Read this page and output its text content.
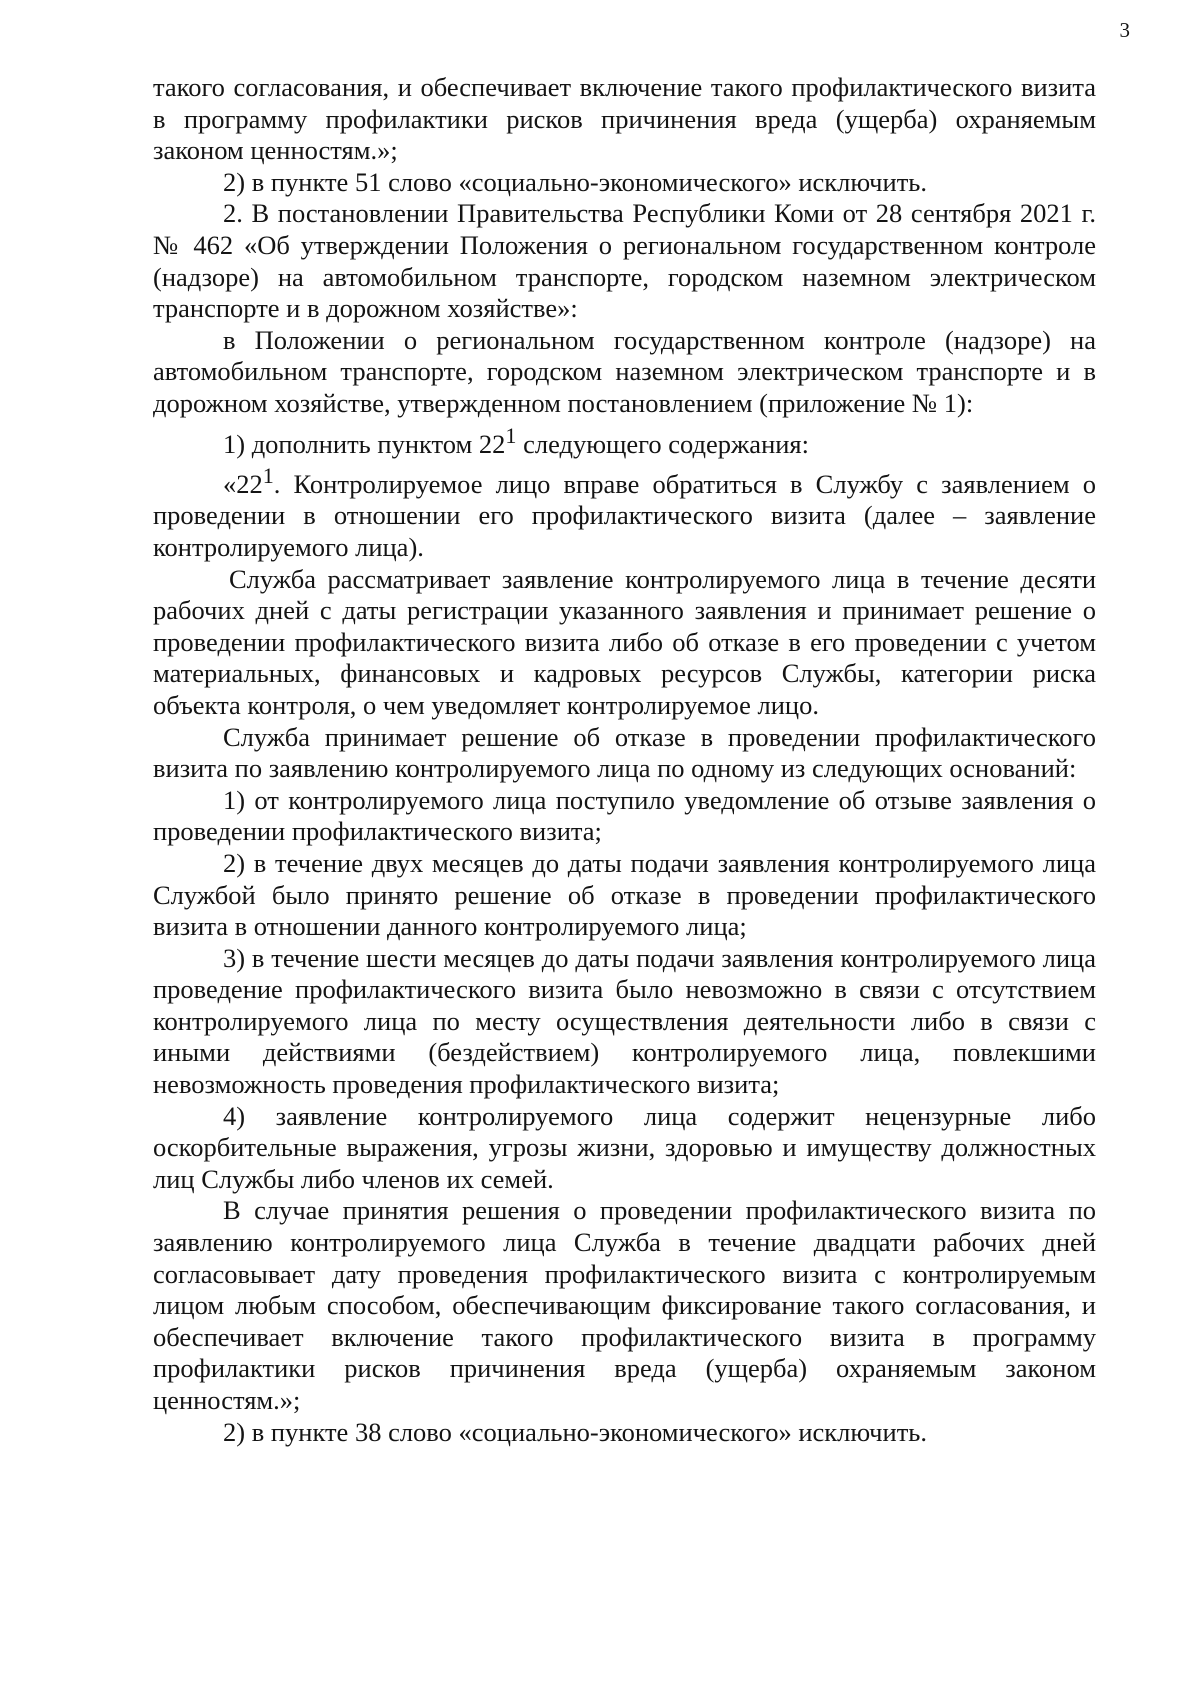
3

такого согласования, и обеспечивает включение такого профилактического визита в программу профилактики рисков причинения вреда (ущерба) охраняемым законом ценностям.»;

2) в пункте 51 слово «социально-экономического» исключить.

2. В постановлении Правительства Республики Коми от 28 сентября 2021 г. № 462 «Об утверждении Положения о региональном государственном контроле (надзоре) на автомобильном транспорте, городском наземном электрическом транспорте и в дорожном хозяйстве»:

в Положении о региональном государственном контроле (надзоре) на автомобильном транспорте, городском наземном электрическом транспорте и в дорожном хозяйстве, утвержденном постановлением (приложение № 1):

1) дополнить пунктом $22^1$ следующего содержания:

«$22^1$. Контролируемое лицо вправе обратиться в Службу с заявлением о проведении в отношении его профилактического визита (далее – заявление контролируемого лица).

Служба рассматривает заявление контролируемого лица в течение десяти рабочих дней с даты регистрации указанного заявления и принимает решение о проведении профилактического визита либо об отказе в его проведении с учетом материальных, финансовых и кадровых ресурсов Службы, категории риска объекта контроля, о чем уведомляет контролируемое лицо.

Служба принимает решение об отказе в проведении профилактического визита по заявлению контролируемого лица по одному из следующих оснований:

1) от контролируемого лица поступило уведомление об отзыве заявления о проведении профилактического визита;

2) в течение двух месяцев до даты подачи заявления контролируемого лица Службой было принято решение об отказе в проведении профилактического визита в отношении данного контролируемого лица;

3) в течение шести месяцев до даты подачи заявления контролируемого лица проведение профилактического визита было невозможно в связи с отсутствием контролируемого лица по месту осуществления деятельности либо в связи с иными действиями (бездействием) контролируемого лица, повлекшими невозможность проведения профилактического визита;

4) заявление контролируемого лица содержит нецензурные либо оскорбительные выражения, угрозы жизни, здоровью и имуществу должностных лиц Службы либо членов их семей.

В случае принятия решения о проведении профилактического визита по заявлению контролируемого лица Служба в течение двадцати рабочих дней согласовывает дату проведения профилактического визита с контролируемым лицом любым способом, обеспечивающим фиксирование такого согласования, и обеспечивает включение такого профилактического визита в программу профилактики рисков причинения вреда (ущерба) охраняемым законом ценностям.»;

2) в пункте 38 слово «социально-экономического» исключить.
